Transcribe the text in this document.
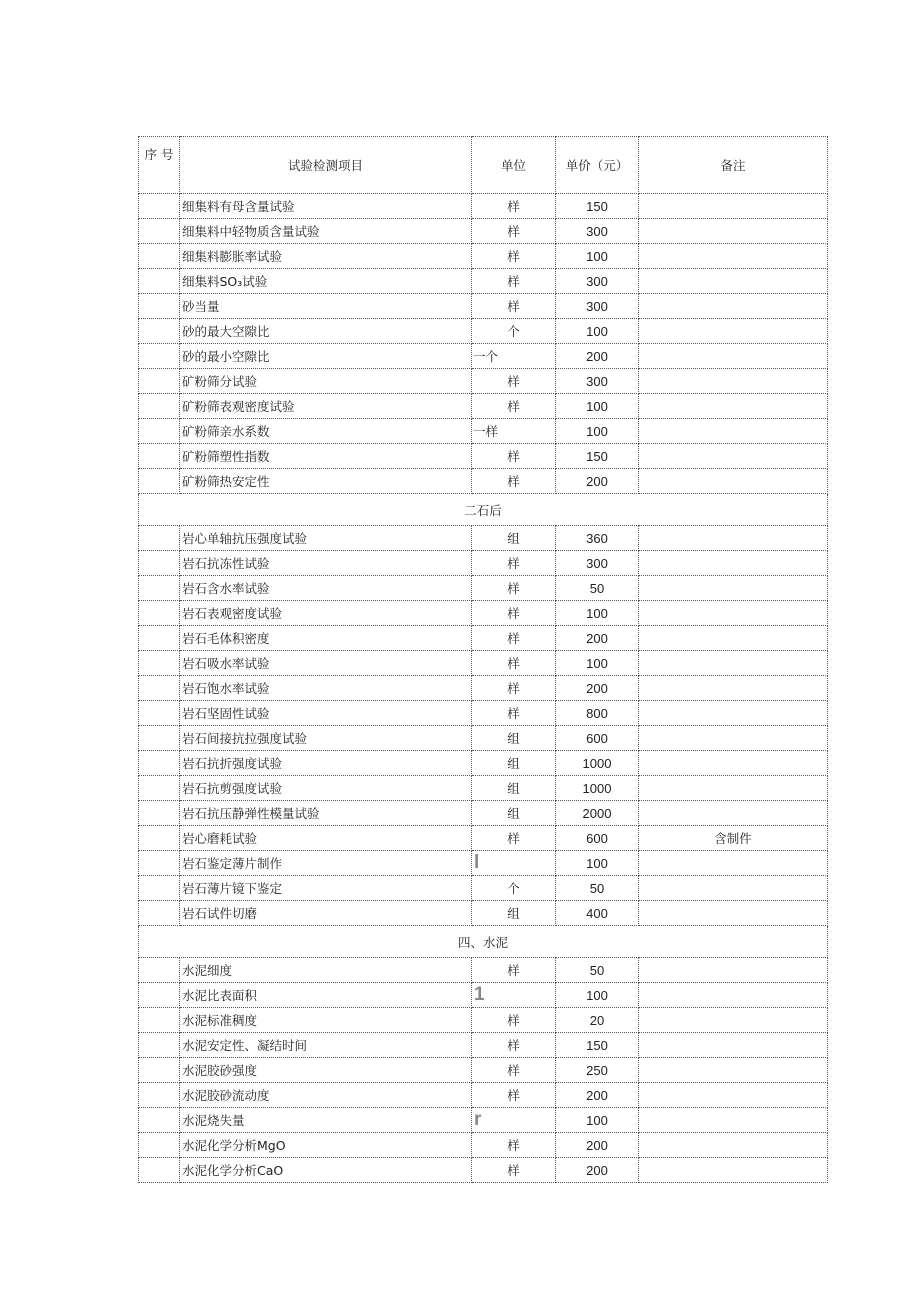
序 号	试验检测项目	单位	单价（元）	备注
	细集料有母含量试验	样	150	
	细集料中轻物质含量试验	样	300	
	细集料膨胀率试验	样	100	
	细集料SO₃试验	样	300	
	砂当量	样	300	
	砂的最大空隙比	个	100	
	砂的最小空隙比	一个	200	
	矿粉筛分试验	样	300	
	矿粉筛表观密度试验	样	100	
	矿粉筛亲水系数	一样	100	
	矿粉筛塑性指数	样	150	
	矿粉筛热安定性	样	200	
二石后				
	岩心单轴抗压强度试验	组	360	
	岩石抗冻性试验	样	300	
	岩石含水率试验	样	50	
	岩石表观密度试验	样	100	
	岩石毛体积密度	样	200	
	岩石吸水率试验	样	100	
	岩石饱水率试验	样	200	
	岩石坚固性试验	样	800	
	岩石间接抗拉强度试验	组	600	
	岩石抗折强度试验	组	1000	
	岩石抗剪强度试验	组	1000	
	岩石抗压静弹性模量试验	组	2000	
	岩心磨耗试验	样	600	含制件
	岩石鉴定薄片制作	l	100	
	岩石薄片镜下鉴定	个	50	
	岩石试件切磨	组	400	
四、水泥				
	水泥细度	样	50	
	水泥比表面积	1	100	
	水泥标准稠度	样	20	
	水泥安定性、凝结时间	样	150	
	水泥胶砂强度	样	250	
	水泥胶砂流动度	样	200	
	水泥烧失量	r	100	
	水泥化学分析MgO	样	200	
	水泥化学分析CaO	样	200	
